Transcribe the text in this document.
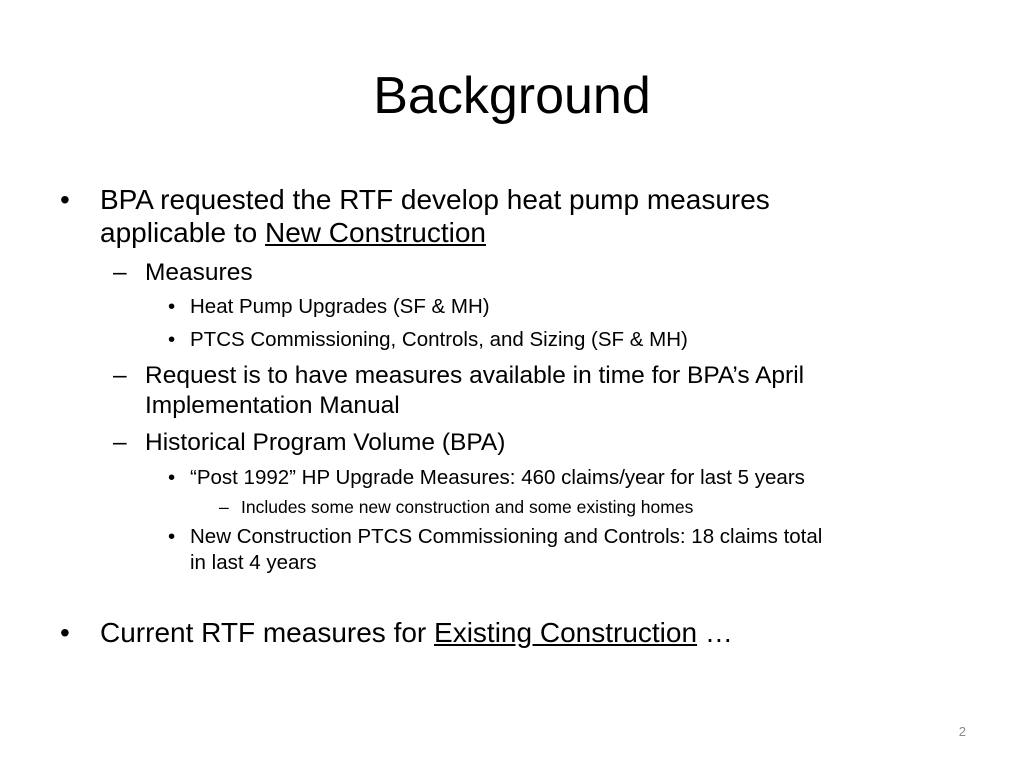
Background
• BPA requested the RTF develop heat pump measures
applicable to New Construction
– Measures
• Heat Pump Upgrades (SF & MH)
• PTCS Commissioning, Controls, and Sizing (SF & MH)
– Request is to have measures available in time for BPA’s April
Implementation Manual
– Historical Program Volume (BPA)
• “Post 1992” HP Upgrade Measures: 460 claims/year for last 5 years
– Includes some new construction and some existing homes
• New Construction PTCS Commissioning and Controls: 18 claims total
in last 4 years
• Current RTF measures for Existing Construction …
2
